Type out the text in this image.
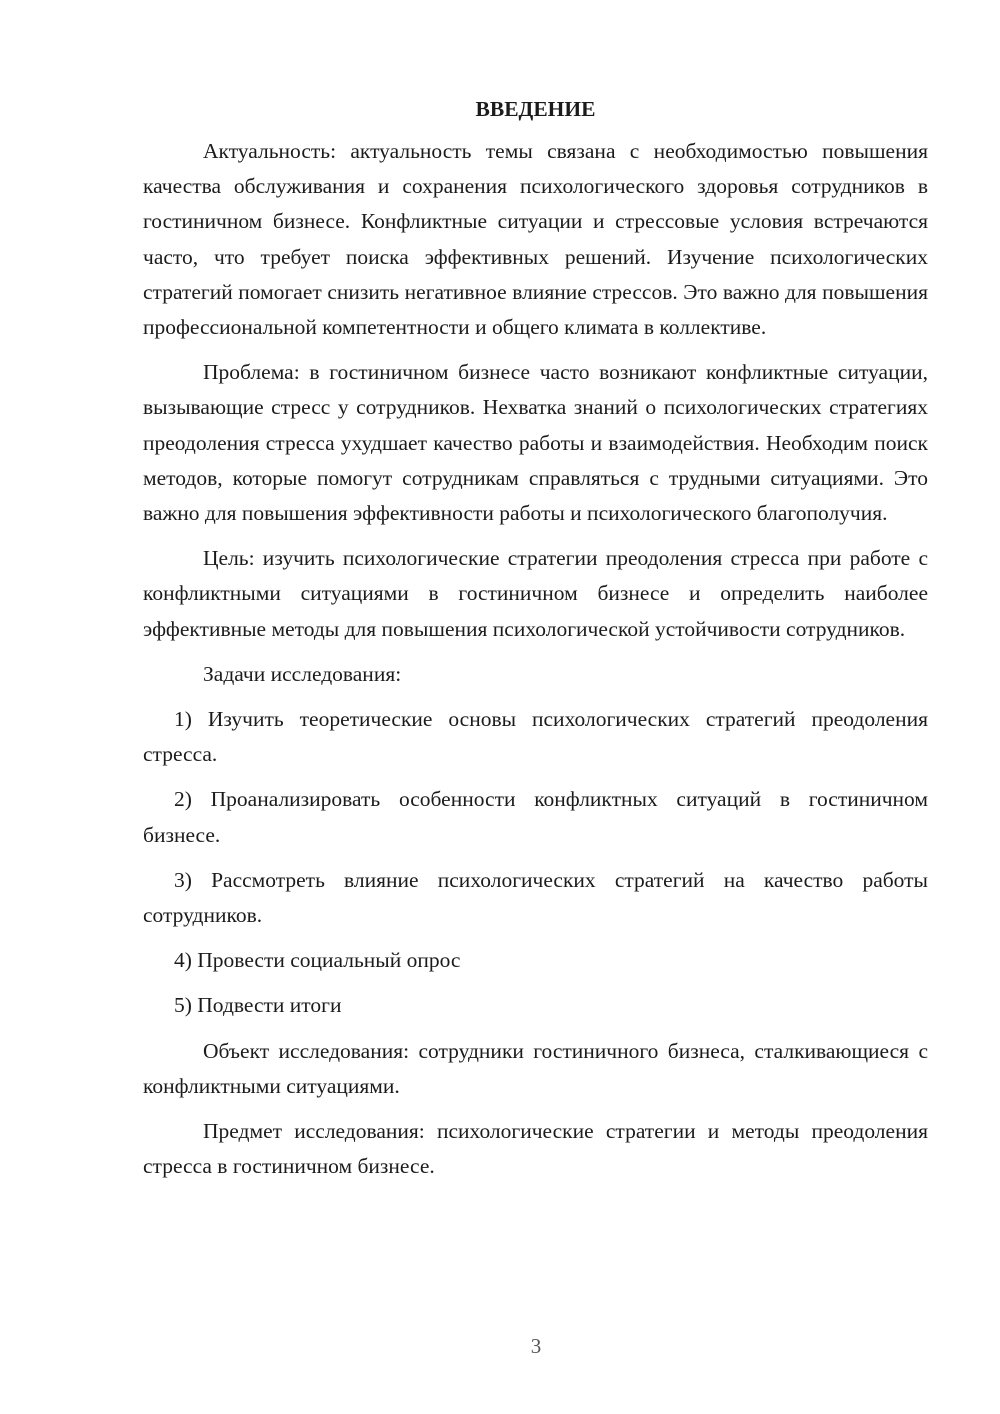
ВВЕДЕНИЕ

Актуальность: актуальность темы связана с необходимостью повышения качества обслуживания и сохранения психологического здоровья сотрудников в гостиничном бизнесе. Конфликтные ситуации и стрессовые условия встречаются часто, что требует поиска эффективных решений. Изучение психологических стратегий помогает снизить негативное влияние стрессов. Это важно для повышения профессиональной компетентности и общего климата в коллективе.

Проблема: в гостиничном бизнесе часто возникают конфликтные ситуации, вызывающие стресс у сотрудников. Нехватка знаний о психологических стратегиях преодоления стресса ухудшает качество работы и взаимодействия. Необходим поиск методов, которые помогут сотрудникам справляться с трудными ситуациями. Это важно для повышения эффективности работы и психологического благополучия.

Цель: изучить психологические стратегии преодоления стресса при работе с конфликтными ситуациями в гостиничном бизнесе и определить наиболее эффективные методы для повышения психологической устойчивости сотрудников.

Задачи исследования:

1) Изучить теоретические основы психологических стратегий преодоления стресса.

2) Проанализировать особенности конфликтных ситуаций в гостиничном бизнесе.

3) Рассмотреть влияние психологических стратегий на качество работы сотрудников.

4) Провести социальный опрос

5) Подвести итоги

Объект исследования: сотрудники гостиничного бизнеса, сталкивающиеся с конфликтными ситуациями.

Предмет исследования: психологические стратегии и методы преодоления стресса в гостиничном бизнесе.

3
